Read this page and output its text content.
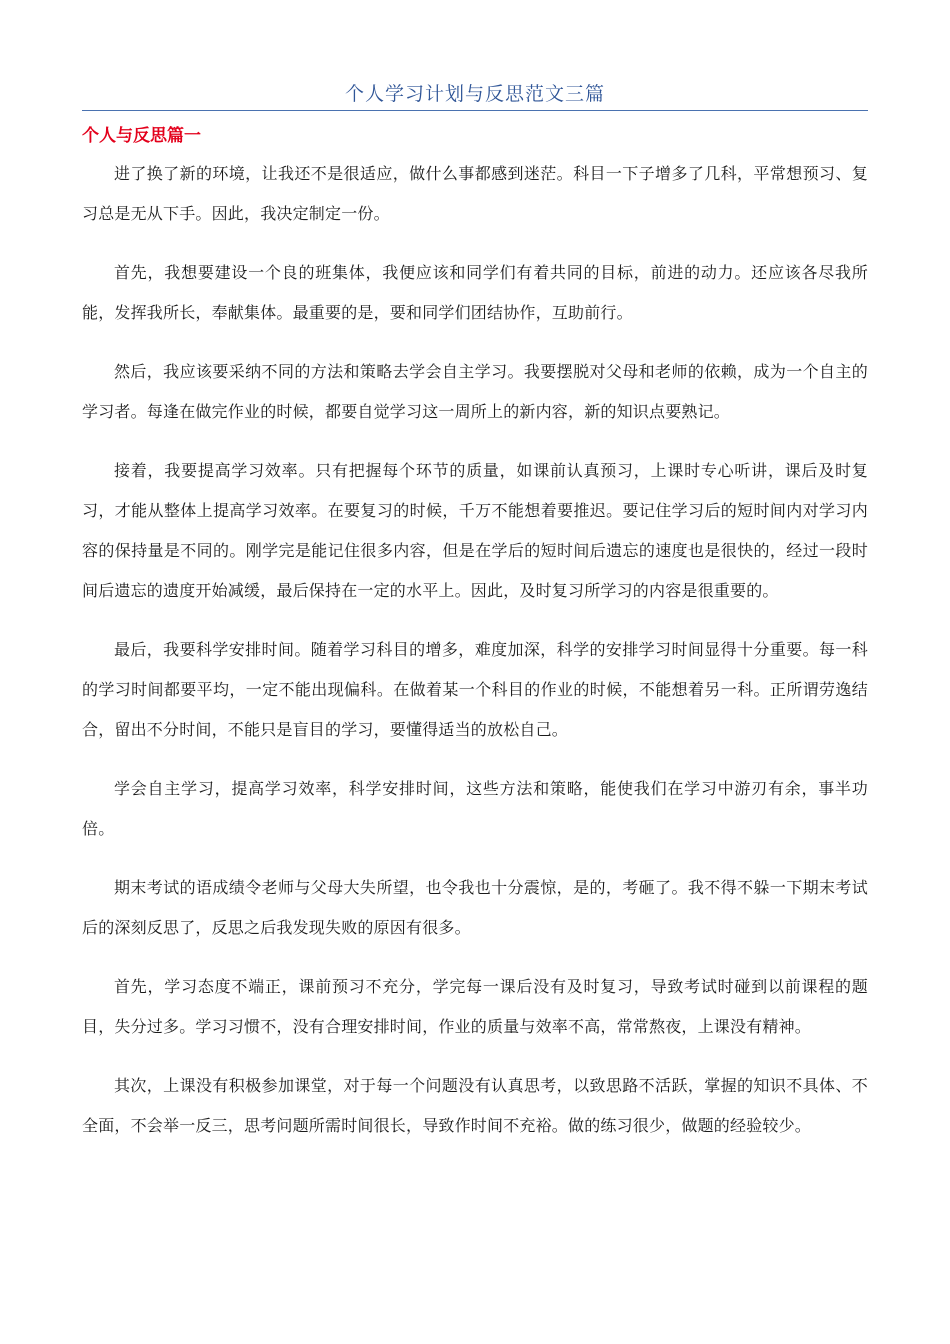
个人学习计划与反思范文三篇
个人与反思篇一

进了换了新的环境，让我还不是很适应，做什么事都感到迷茫。科目一下子增多了几科，平常想预习、复习总是无从下手。因此，我决定制定一份。

首先，我想要建设一个良的班集体，我便应该和同学们有着共同的目标，前进的动力。还应该各尽我所能，发挥我所长，奉献集体。最重要的是，要和同学们团结协作，互助前行。

然后，我应该要采纳不同的方法和策略去学会自主学习。我要摆脱对父母和老师的依赖，成为一个自主的学习者。每逢在做完作业的时候，都要自觉学习这一周所上的新内容，新的知识点要熟记。

接着，我要提高学习效率。只有把握每个环节的质量，如课前认真预习，上课时专心听讲，课后及时复习，才能从整体上提高学习效率。在要复习的时候，千万不能想着要推迟。要记住学习后的短时间内对学习内容的保持量是不同的。刚学完是能记住很多内容，但是在学后的短时间后遗忘的速度也是很快的，经过一段时间后遗忘的遗度开始减缓，最后保持在一定的水平上。因此，及时复习所学习的内容是很重要的。

最后，我要科学安排时间。随着学习科目的增多，难度加深，科学的安排学习时间显得十分重要。每一科的学习时间都要平均，一定不能出现偏科。在做着某一个科目的作业的时候，不能想着另一科。正所谓劳逸结合，留出不分时间，不能只是盲目的学习，要懂得适当的放松自己。

学会自主学习，提高学习效率，科学安排时间，这些方法和策略，能使我们在学习中游刃有余，事半功倍。

期末考试的语成绩令老师与父母大失所望，也令我也十分震惊，是的，考砸了。我不得不躲一下期末考试后的深刻反思了，反思之后我发现失败的原因有很多。

首先，学习态度不端正，课前预习不充分，学完每一课后没有及时复习，导致考试时碰到以前课程的题目，失分过多。学习习惯不，没有合理安排时间，作业的质量与效率不高，常常熬夜，上课没有精神。

其次，上课没有积极参加课堂，对于每一个问题没有认真思考，以致思路不活跃，掌握的知识不具体、不全面，不会举一反三，思考问题所需时间很长，导致作时间不充裕。做的练习很少，做题的经验较少。
